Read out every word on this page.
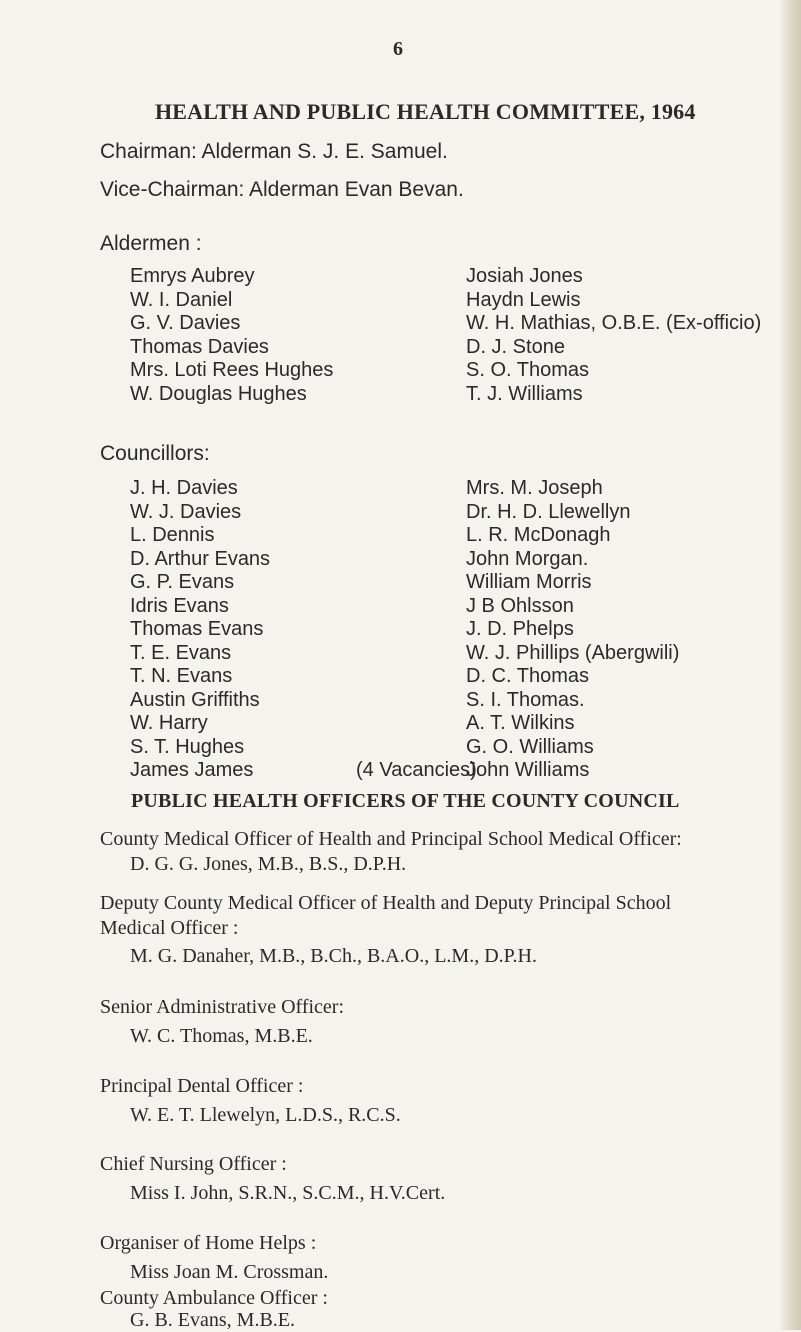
6
HEALTH AND PUBLIC HEALTH COMMITTEE, 1964
Chairman: Alderman S. J. E. Samuel.
Vice-Chairman: Alderman Evan Bevan.
Aldermen :
Emrys Aubrey
W. I. Daniel
G. V. Davies
Thomas Davies
Mrs. Loti Rees Hughes
W. Douglas Hughes
Josiah Jones
Haydn Lewis
W. H. Mathias, O.B.E. (Ex-officio)
D. J. Stone
S. O. Thomas
T. J. Williams
Councillors:
J. H. Davies
W. J. Davies
L. Dennis
D. Arthur Evans
G. P. Evans
Idris Evans
Thomas Evans
T. E. Evans
T. N. Evans
Austin Griffiths
W. Harry
S. T. Hughes
James James
Mrs. M. Joseph
Dr. H. D. Llewellyn
L. R. McDonagh
John Morgan.
William Morris
J B Ohlsson
J. D. Phelps
W. J. Phillips (Abergwili)
D. C. Thomas
S. I. Thomas.
A. T. Wilkins
G. O. Williams
John Williams
(4 Vacancies)
PUBLIC HEALTH OFFICERS OF THE COUNTY COUNCIL
County Medical Officer of Health and Principal School Medical Officer:
D. G. G. Jones, M.B., B.S., D.P.H.
Deputy County Medical Officer of Health and Deputy Principal School
Medical Officer :
M. G. Danaher, M.B., B.Ch., B.A.O., L.M., D.P.H.
Senior Administrative Officer:
W. C. Thomas, M.B.E.
Principal Dental Officer :
W. E. T. Llewelyn, L.D.S., R.C.S.
Chief Nursing Officer :
Miss I. John, S.R.N., S.C.M., H.V.Cert.
Organiser of Home Helps :
Miss Joan M. Crossman.
County Ambulance Officer :
G. B. Evans, M.B.E.
